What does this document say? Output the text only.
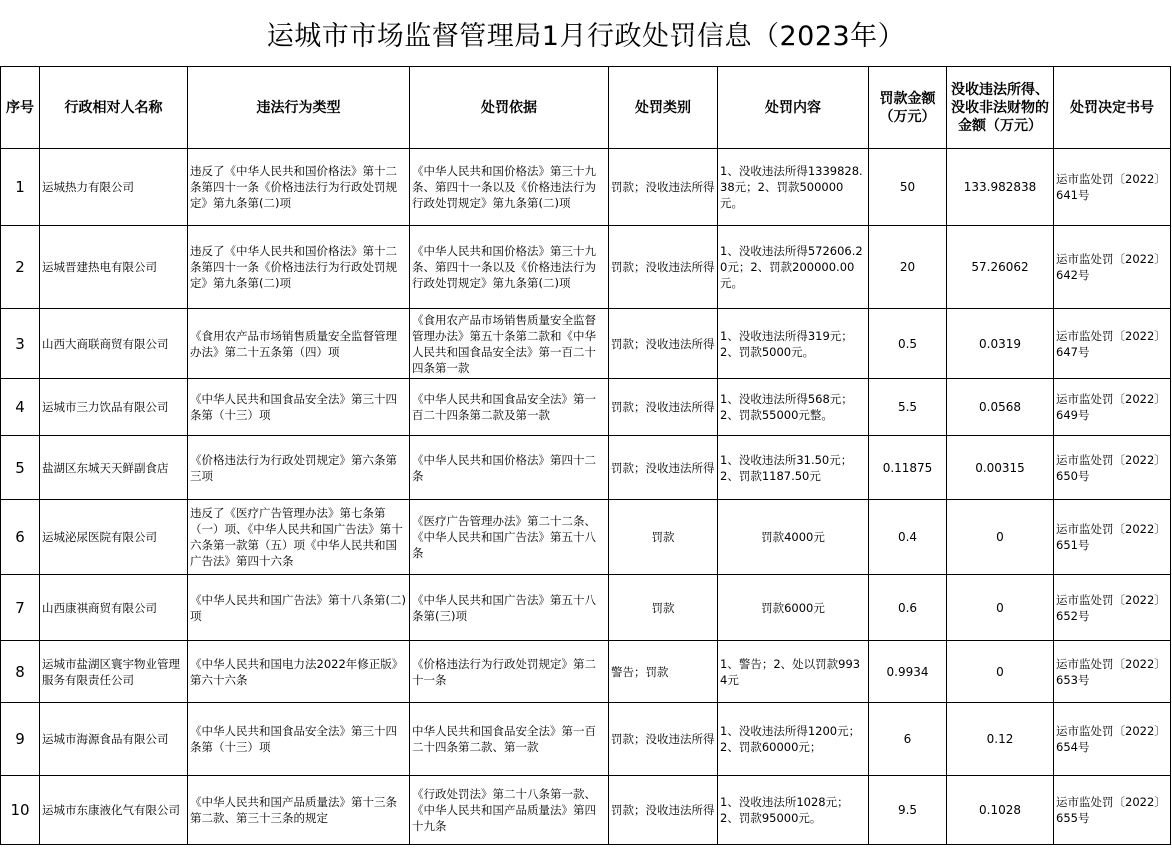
运城市市场监督管理局1月行政处罚信息（2023年）
序号	行政相对人名称	违法行为类型	处罚依据	处罚类别	处罚内容	罚款金额（万元）	没收违法所得、没收非法财物的金额（万元）	处罚决定书号
1	运城热力有限公司	违反了《中华人民共和国价格法》第十二条第四十一条《价格违法行为行政处罚规定》第九条第(二)项	《中华人民共和国价格法》第三十九条、第四十一条以及《价格违法行为行政处罚规定》第九条第(二)项	罚款；没收违法所得	1、没收违法所得1339828.38元；2、罚款500000元。	50	133.982838	运市监处罚〔2022〕641号
2	运城晋建热电有限公司	违反了《中华人民共和国价格法》第十二条第四十一条《价格违法行为行政处罚规定》第九条第(二)项	《中华人民共和国价格法》第三十九条、第四十一条以及《价格违法行为行政处罚规定》第九条第(二)项	罚款；没收违法所得	1、没收违法所得572606.20元；2、罚款200000.00元。	20	57.26062	运市监处罚〔2022〕642号
3	山西大商联商贸有限公司	《食用农产品市场销售质量安全监督管理办法》第二十五条第（四）项	《食用农产品市场销售质量安全监督管理办法》第五十条第二款和《中华人民共和国食品安全法》第一百二十四条第一款	罚款；没收违法所得	1、没收违法所得319元；2、罚款5000元。	0.5	0.0319	运市监处罚〔2022〕647号
4	运城市三力饮品有限公司	《中华人民共和国食品安全法》第三十四条第（十三）项	《中华人民共和国食品安全法》第一百二十四条第二款及第一款	罚款；没收违法所得	1、没收违法所得568元；2、罚款55000元整。	5.5	0.0568	运市监处罚〔2022〕649号
5	盐湖区东城天天鲜副食店	《价格违法行为行政处罚规定》第六条第三项	《中华人民共和国价格法》第四十二条	罚款；没收违法所得	1、没收违法所31.50元；2、罚款1187.50元	0.11875	0.00315	运市监处罚〔2022〕650号
6	运城泌尿医院有限公司	违反了《医疗广告管理办法》第七条第（一）项、《中华人民共和国广告法》第十六条第一款第（五）项《中华人民共和国广告法》第四十六条	《医疗广告管理办法》第二十二条、《中华人民共和国广告法》第五十八条	罚款	罚款4000元	0.4	0	运市监处罚〔2022〕651号
7	山西康祺商贸有限公司	《中华人民共和国广告法》第十八条第(二)项	《中华人民共和国广告法》第五十八条第(三)项	罚款	罚款6000元	0.6	0	运市监处罚〔2022〕652号
8	运城市盐湖区寰宇物业管理服务有限责任公司	《中华人民共和国电力法2022年修正版》第六十六条	《价格违法行为行政处罚规定》第二十一条	警告；罚款	1、警告；2、处以罚款9934元	0.9934	0	运市监处罚〔2022〕653号
9	运城市海源食品有限公司	《中华人民共和国食品安全法》第三十四条第（十三）项	中华人民共和国食品安全法》第一百二十四条第二款、第一款	罚款；没收违法所得	1、没收违法所得1200元；2、罚款60000元；	6	0.12	运市监处罚〔2022〕654号
10	运城市东康液化气有限公司	《中华人民共和国产品质量法》第十三条第二款、第三十三条的规定	《行政处罚法》第二十八条第一款、《中华人民共和国产品质量法》第四十九条	罚款；没收违法所得	1、没收违法所1028元；2、罚款95000元。	9.5	0.1028	运市监处罚〔2022〕655号
